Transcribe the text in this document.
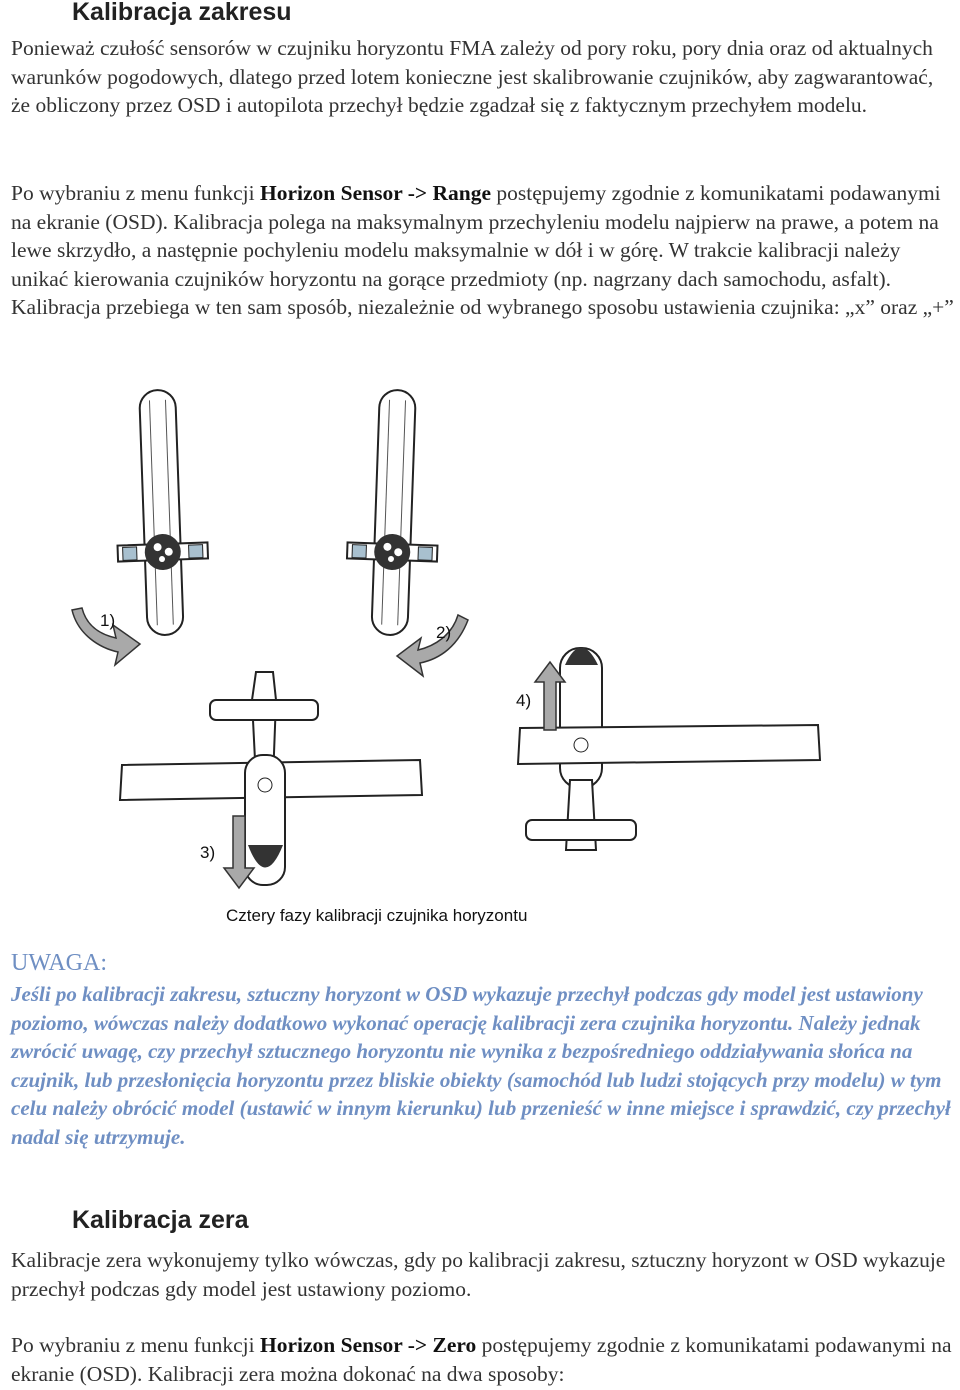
Kalibracja zakresu

Ponieważ czułość sensorów w czujniku horyzontu FMA zależy od pory roku, pory dnia oraz od aktualnych warunków pogodowych, dlatego przed lotem konieczne jest skalibrowanie czujników, aby zagwarantować, że obliczony przez OSD i autopilota przechył będzie zgadzał się z faktycznym przechyłem modelu.

Po wybraniu z menu funkcji Horizon Sensor -> Range postępujemy zgodnie z komunikatami podawanymi na ekranie (OSD). Kalibracja polega na maksymalnym przechyleniu modelu najpierw na prawe, a potem na lewe skrzydło, a następnie pochyleniu modelu maksymalnie w dół i w górę. W trakcie kalibracji należy unikać kierowania czujników horyzontu na gorące przedmioty (np. nagrzany dach samochodu, asfalt). Kalibracja przebiega w ten sam sposób, niezależnie od wybranego sposobu ustawienia czujnika: „x” oraz „+”

1)
2)
3)
4)
Cztery fazy kalibracji czujnika horyzontu

UWAGA:

Jeśli po kalibracji zakresu, sztuczny horyzont w OSD wykazuje przechył podczas gdy model jest ustawiony poziomo, wówczas należy dodatkowo wykonać operację kalibracji zera czujnika horyzontu. Należy jednak zwrócić uwagę, czy przechył sztucznego horyzontu nie wynika z bezpośredniego oddziaływania słońca na czujnik, lub przesłonięcia horyzontu przez bliskie obiekty (samochód lub ludzi stojących przy modelu) w tym celu należy obrócić model (ustawić w innym kierunku) lub przenieść w inne miejsce i sprawdzić, czy przechył nadal się utrzymuje.

Kalibracja zera

Kalibracje zera wykonujemy tylko wówczas, gdy po kalibracji zakresu, sztuczny horyzont w OSD wykazuje przechył podczas gdy model jest ustawiony poziomo.

Po wybraniu z menu funkcji Horizon Sensor -> Zero postępujemy zgodnie z komunikatami podawanymi na ekranie (OSD). Kalibracji zera można dokonać na dwa sposoby:
